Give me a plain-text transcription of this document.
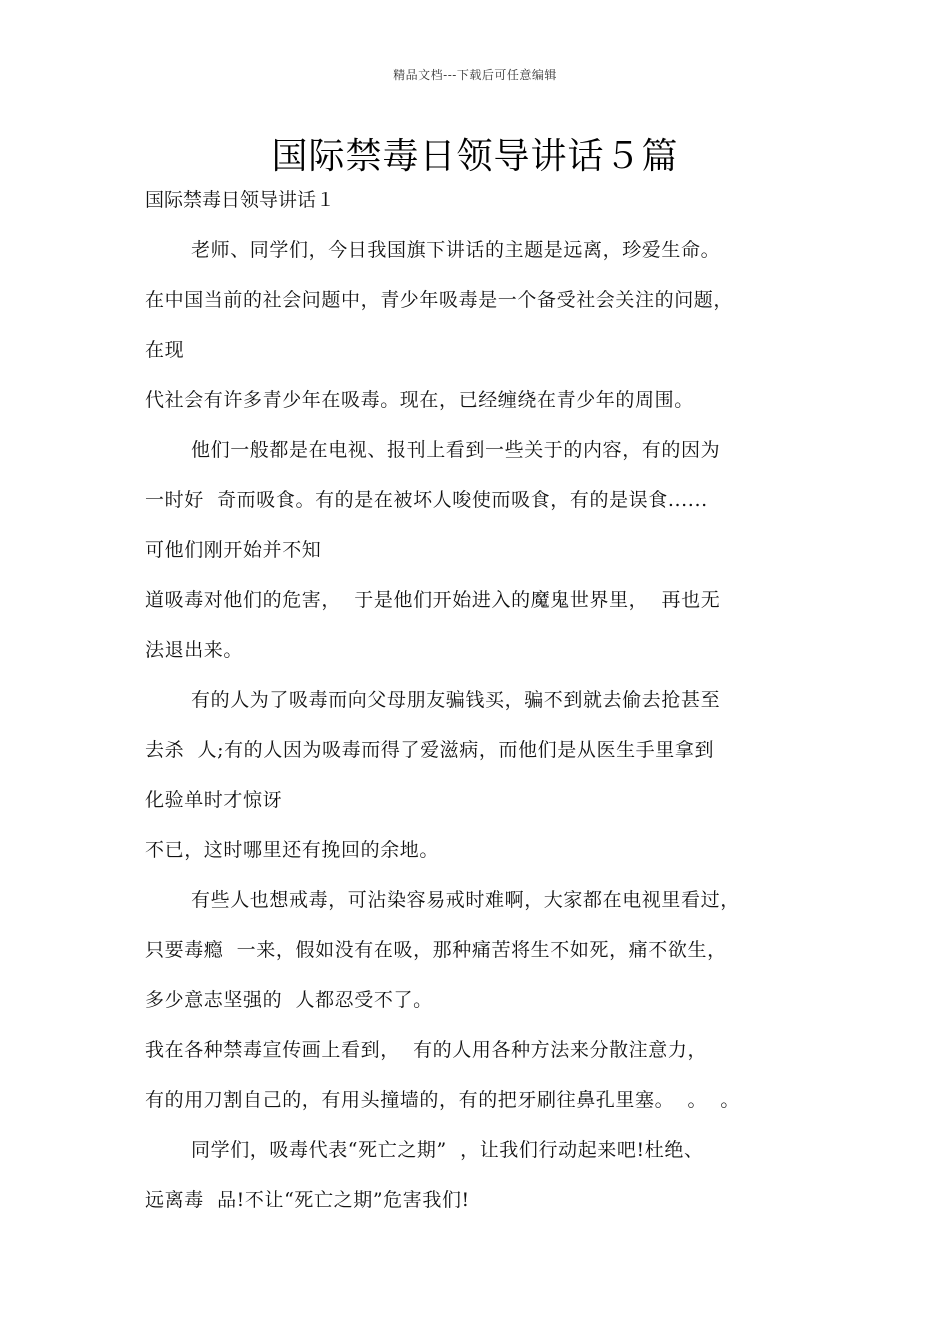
精品文档---下载后可任意编辑
国际禁毒日领导讲话５篇
国际禁毒日领导讲话１
老师、同学们，今日我国旗下讲话的主题是远离，珍爱生命。
在中国当前的社会问题中，青少年吸毒是一个备受社会关注的问题，
在现
代社会有许多青少年在吸毒。现在，已经缠绕在青少年的周围。
他们一般都是在电视、报刊上看到一些关于的内容，有的因为
一时好  奇而吸食。有的是在被坏人唆使而吸食，有的是误食......
可他们刚开始并不知
道吸毒对他们的危害，  于是他们开始进入的魔鬼世界里，  再也无
法退出来。
有的人为了吸毒而向父母朋友骗钱买，骗不到就去偷去抢甚至
去杀  人;有的人因为吸毒而得了爱滋病，而他们是从医生手里拿到
化验单时才惊讶
不已，这时哪里还有挽回的余地。
有些人也想戒毒，可沾染容易戒时难啊，大家都在电视里看过，
只要毒瘾  一来，假如没有在吸，那种痛苦将生不如死，痛不欲生，
多少意志坚强的  人都忍受不了。
我在各种禁毒宣传画上看到，  有的人用各种方法来分散注意力，
有的用刀割自己的，有用头撞墙的，有的把牙刷往鼻孔里塞。  。  。
同学们，吸毒代表“死亡之期”  ，让我们行动起来吧!杜绝、
远离毒  品!不让“死亡之期”危害我们!
